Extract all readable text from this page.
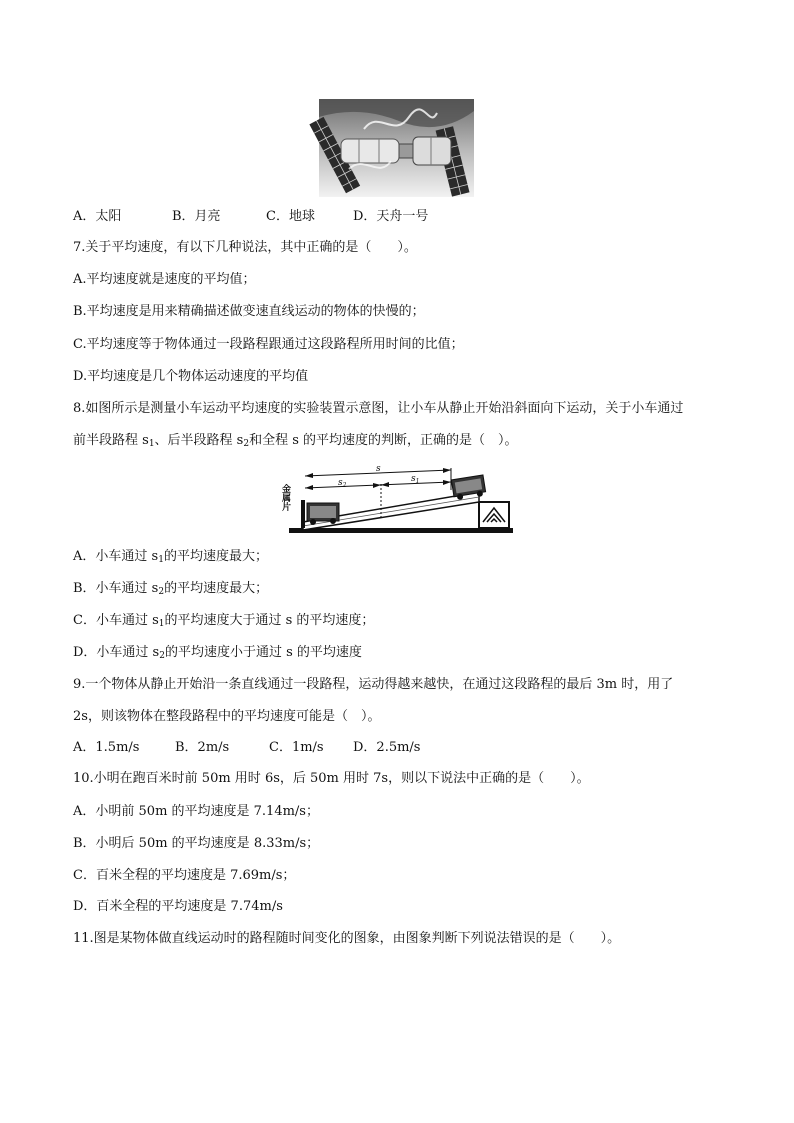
A．太阳	B．月亮	C．地球	D．天舟一号
7.关于平均速度，有以下几种说法，其中正确的是（　　）。
A.平均速度就是速度的平均值；
B.平均速度是用来精确描述做变速直线运动的物体的快慢的；
C.平均速度等于物体通过一段路程跟通过这段路程所用时间的比值；
D.平均速度是几个物体运动速度的平均值
8.如图所示是测量小车运动平均速度的实验装置示意图，让小车从静止开始沿斜面向下运动，关于小车通过
前半段路程 $s_1$、后半段路程 $s_2$和全程 s 的平均速度的判断，正确的是（　）。
s
$s_2$
$s_1$
金属片
A．小车通过 $s_1$的平均速度最大；
B．小车通过 $s_2$的平均速度最大；
C．小车通过 $s_1$的平均速度大于通过 s 的平均速度；
D．小车通过 $s_2$的平均速度小于通过 s 的平均速度
9.一个物体从静止开始沿一条直线通过一段路程，运动得越来越快，在通过这段路程的最后 3m 时，用了
2s，则该物体在整段路程中的平均速度可能是（　）。
A．1.5m/s	B．2m/s	C．1m/s D．2.5m/s
10.小明在跑百米时前 50m 用时 6s，后 50m 用时 7s，则以下说法中正确的是（　　）。
A．小明前 50m 的平均速度是 7.14m/s；
B．小明后 50m 的平均速度是 8.33m/s；
C．百米全程的平均速度是 7.69m/s；
D．百米全程的平均速度是 7.74m/s
11.图是某物体做直线运动时的路程随时间变化的图象，由图象判断下列说法错误的是（　　）。
